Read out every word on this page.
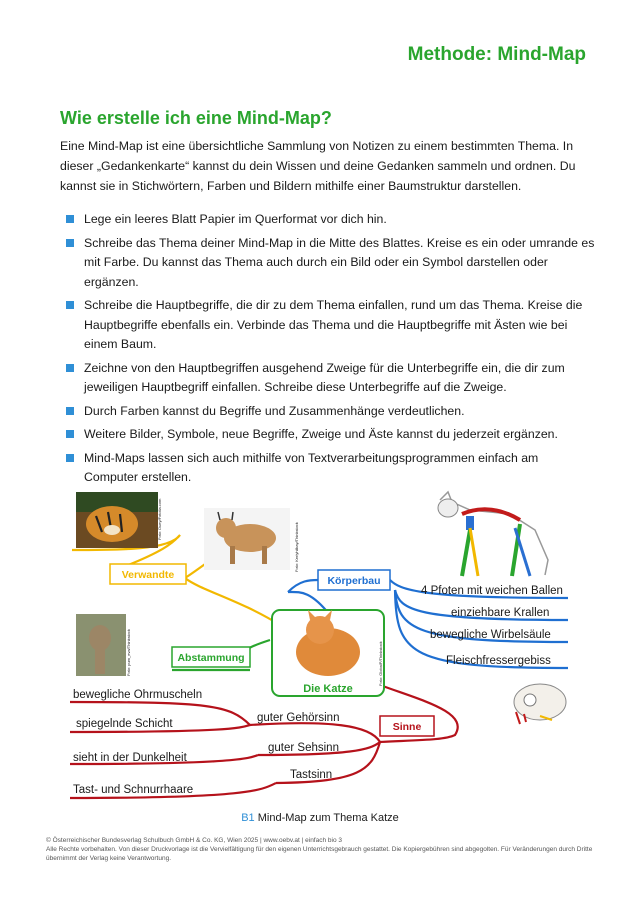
Methode: Mind-Map
Wie erstelle ich eine Mind-Map?
Eine Mind-Map ist eine übersichtliche Sammlung von Notizen zu einem bestimmten Thema. In dieser „Gedankenkarte“ kannst du dein Wissen und deine Gedanken sammeln und ordnen. Du kannst sie in Stichwörtern, Farben und Bildern mithilfe einer Baumstruktur darstellen.
Lege ein leeres Blatt Papier im Querformat vor dich hin.
Schreibe das Thema deiner Mind-Map in die Mitte des Blattes. Kreise es ein oder umrande es mit Farbe. Du kannst das Thema auch durch ein Bild oder ein Symbol darstellen oder ergänzen.
Schreibe die Hauptbegriffe, die dir zu dem Thema einfallen, rund um das Thema. Kreise die Hauptbegriffe ebenfalls ein. Verbinde das Thema und die Hauptbegriffe mit Ästen wie bei einem Baum.
Zeichne von den Hauptbegriffen ausgehend Zweige für die Unterbegriffe ein, die dir zum jeweiligen Hauptbegriff einfallen. Schreibe diese Unterbegriffe auf die Zweige.
Durch Farben kannst du Begriffe und Zusammenhänge verdeutlichen.
Weitere Bilder, Symbole, neue Begriffe, Zweige und Äste kannst du jederzeit ergänzen.
Mind-Maps lassen sich auch mithilfe von Textverarbeitungsprogrammen einfach am Computer erstellen.
Foto: Duey/Fotolia.com
Foto: Kerlyhilkay/Thinkstock
Foto: pum_eva/Thinkstock	Foto: GlobalP/Thinkstock
Die Katze
Verwandte	Körperbau
Abstammung
Sinne
4 Pfoten mit weichen Ballen
einziehbare Krallen
bewegliche Wirbelsäule
Fleischfressergebiss
guter Gehörsinn
guter Sehsinn
Tastsinn
bewegliche Ohrmuscheln
spiegelnde Schicht
sieht in der Dunkelheit
Tast- und Schnurrhaare
B1 Mind-Map zum Thema Katze
© Österreichischer Bundesverlag Schulbuch GmbH & Co. KG, Wien 2025 | www.oebv.at | einfach bio 3
Alle Rechte vorbehalten. Von dieser Druckvorlage ist die Vervielfältigung für den eigenen Unterrichtsgebrauch gestattet. Die Kopiergebühren sind abgegolten. Für Veränderungen durch Dritte übernimmt der Verlag keine Verantwortung.
